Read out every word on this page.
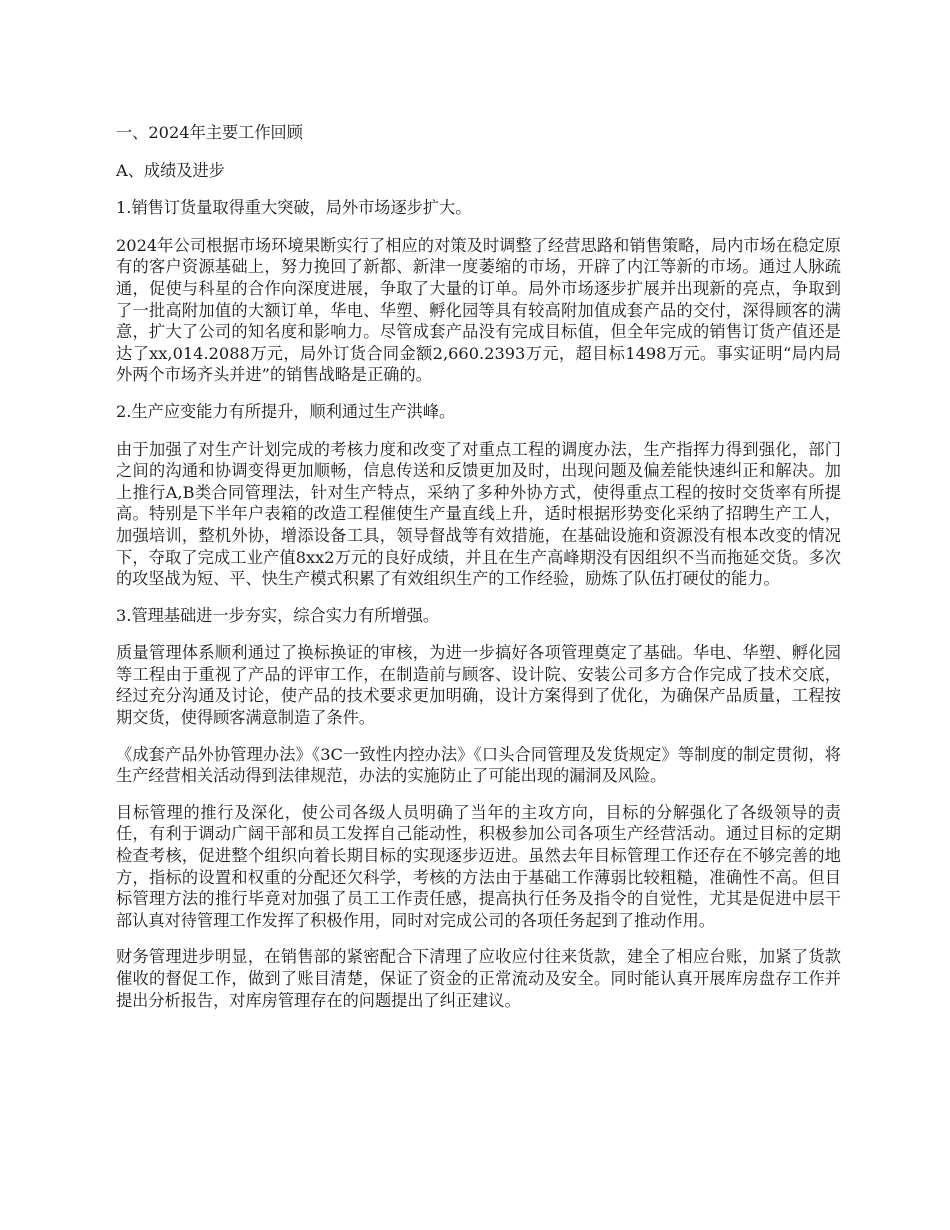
一、2024年主要工作回顾

A、成绩及进步

1.销售订货量取得重大突破，局外市场逐步扩大。

2024年公司根据市场环境果断实行了相应的对策及时调整了经营思路和销售策略，局内市场在稳定原有的客户资源基础上，努力挽回了新都、新津一度萎缩的市场，开辟了内江等新的市场。通过人脉疏通，促使与科星的合作向深度进展，争取了大量的订单。局外市场逐步扩展并出现新的亮点，争取到了一批高附加值的大额订单，华电、华塑、孵化园等具有较高附加值成套产品的交付，深得顾客的满意，扩大了公司的知名度和影响力。尽管成套产品没有完成目标值，但全年完成的销售订货产值还是达了xx,014.2088万元，局外订货合同金额2,660.2393万元，超目标1498万元。事实证明“局内局外两个市场齐头并进”的销售战略是正确的。

2.生产应变能力有所提升，顺利通过生产洪峰。

由于加强了对生产计划完成的考核力度和改变了对重点工程的调度办法，生产指挥力得到强化，部门之间的沟通和协调变得更加顺畅，信息传送和反馈更加及时，出现问题及偏差能快速纠正和解决。加上推行A,B类合同管理法，针对生产特点，采纳了多种外协方式，使得重点工程的按时交货率有所提高。特别是下半年户表箱的改造工程催使生产量直线上升，适时根据形势变化采纳了招聘生产工人，加强培训，整机外协，增添设备工具，领导督战等有效措施，在基础设施和资源没有根本改变的情况下，夺取了完成工业产值8xx2万元的良好成绩，并且在生产高峰期没有因组织不当而拖延交货。多次的攻坚战为短、平、快生产模式积累了有效组织生产的工作经验，励炼了队伍打硬仗的能力。

3.管理基础进一步夯实，综合实力有所增强。

质量管理体系顺利通过了换标换证的审核，为进一步搞好各项管理奠定了基础。华电、华塑、孵化园等工程由于重视了产品的评审工作，在制造前与顾客、设计院、安装公司多方合作完成了技术交底，经过充分沟通及讨论，使产品的技术要求更加明确，设计方案得到了优化，为确保产品质量，工程按期交货，使得顾客满意制造了条件。

《成套产品外协管理办法》《3C一致性内控办法》《口头合同管理及发货规定》等制度的制定贯彻，将生产经营相关活动得到法律规范，办法的实施防止了可能出现的漏洞及风险。

目标管理的推行及深化，使公司各级人员明确了当年的主攻方向，目标的分解强化了各级领导的责任，有利于调动广阔干部和员工发挥自己能动性，积极参加公司各项生产经营活动。通过目标的定期检查考核，促进整个组织向着长期目标的实现逐步迈进。虽然去年目标管理工作还存在不够完善的地方，指标的设置和权重的分配还欠科学，考核的方法由于基础工作薄弱比较粗糙，准确性不高。但目标管理方法的推行毕竟对加强了员工工作责任感，提高执行任务及指令的自觉性，尤其是促进中层干部认真对待管理工作发挥了积极作用，同时对完成公司的各项任务起到了推动作用。

财务管理进步明显，在销售部的紧密配合下清理了应收应付往来货款，建全了相应台账，加紧了货款催收的督促工作，做到了账目清楚，保证了资金的正常流动及安全。同时能认真开展库房盘存工作并提出分析报告，对库房管理存在的问题提出了纠正建议。
